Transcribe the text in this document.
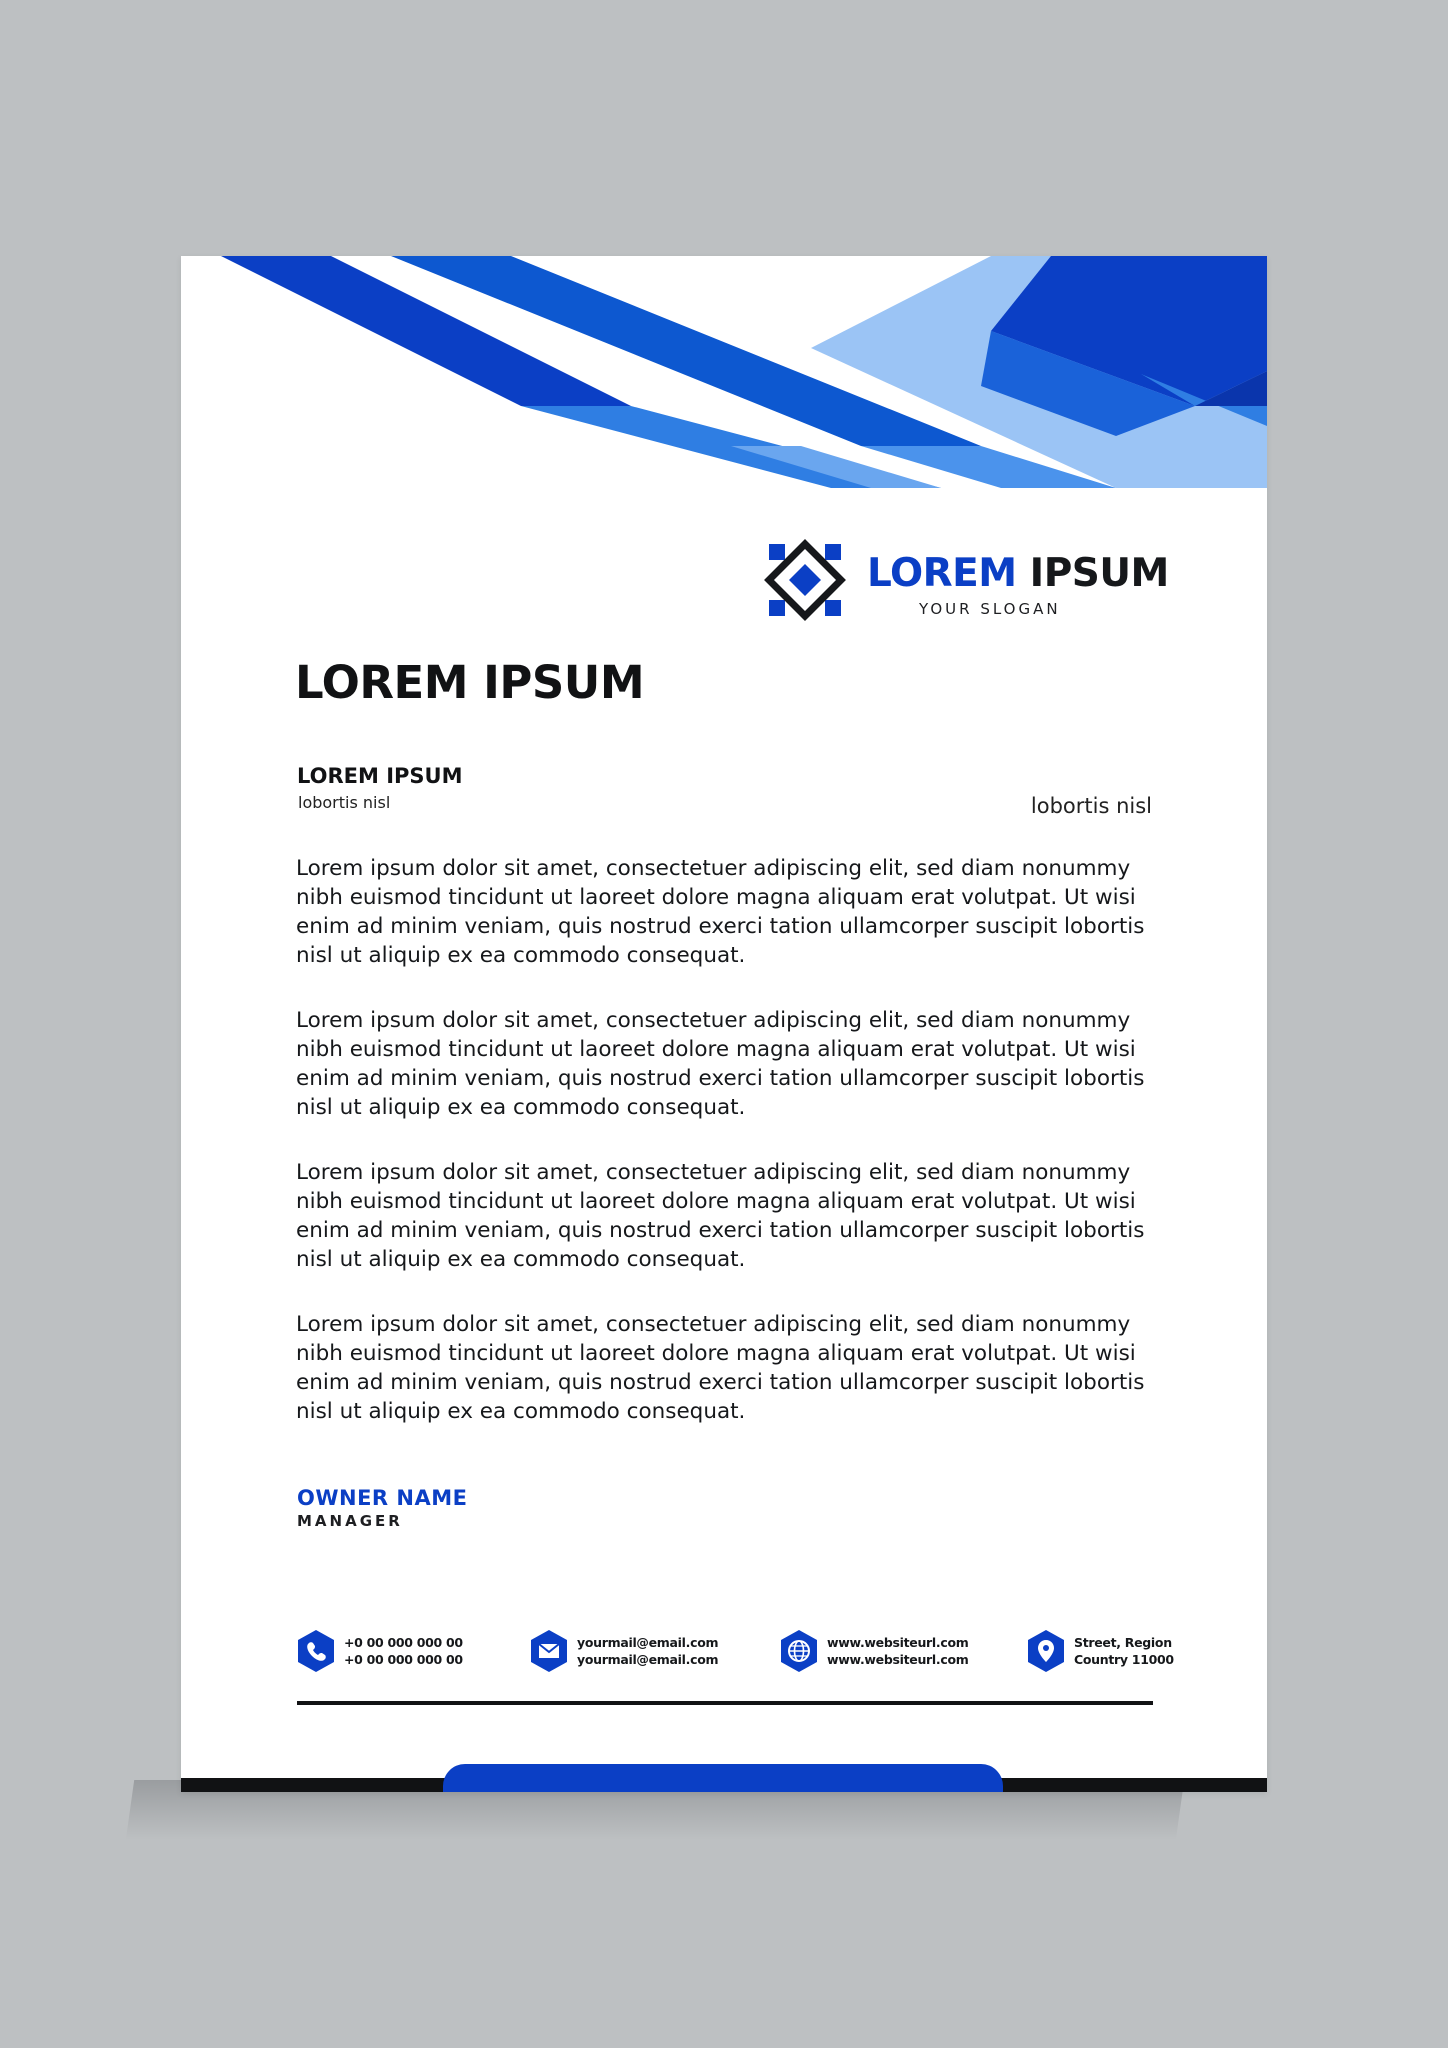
LOREM IPSUM
YOUR SLOGAN
LOREM IPSUM
LOREM IPSUM
lobortis nisl	lobortis nisl

Lorem ipsum dolor sit amet, consectetuer adipiscing elit, sed diam nonummy nibh euismod tincidunt ut laoreet dolore magna aliquam erat volutpat. Ut wisi enim ad minim veniam, quis nostrud exerci tation ullamcorper suscipit lobortis nisl ut aliquip ex ea commodo consequat.

Lorem ipsum dolor sit amet, consectetuer adipiscing elit, sed diam nonummy nibh euismod tincidunt ut laoreet dolore magna aliquam erat volutpat. Ut wisi enim ad minim veniam, quis nostrud exerci tation ullamcorper suscipit lobortis nisl ut aliquip ex ea commodo consequat.

Lorem ipsum dolor sit amet, consectetuer adipiscing elit, sed diam nonummy nibh euismod tincidunt ut laoreet dolore magna aliquam erat volutpat. Ut wisi enim ad minim veniam, quis nostrud exerci tation ullamcorper suscipit lobortis nisl ut aliquip ex ea commodo consequat.

Lorem ipsum dolor sit amet, consectetuer adipiscing elit, sed diam nonummy nibh euismod tincidunt ut laoreet dolore magna aliquam erat volutpat. Ut wisi enim ad minim veniam, quis nostrud exerci tation ullamcorper suscipit lobortis nisl ut aliquip ex ea commodo consequat.

OWNER NAME
MANAGER
+0 00 000 000 00
+0 00 000 000 00
yourmail@email.com
yourmail@email.com
www.websiteurl.com
www.websiteurl.com
Street, Region
Country 11000
